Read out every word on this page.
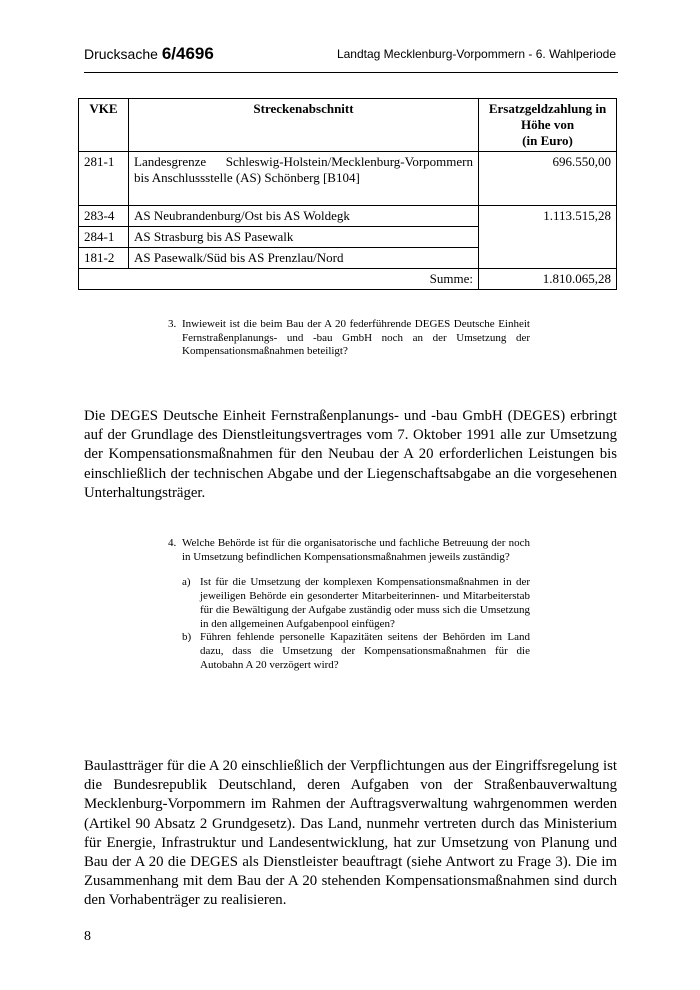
Drucksache 6/4696	Landtag Mecklenburg-Vorpommern - 6. Wahlperiode
VKE	Streckenabschnitt	Ersatzgeldzahlung in
Höhe von
(in Euro)
281-1	Landesgrenze Schleswig-Holstein/Mecklenburg-Vorpommern bis Anschlussstelle (AS) Schönberg [B104]	696.550,00
283-4	AS Neubrandenburg/Ost bis AS Woldegk	1.113.515,28
284-1	AS Strasburg bis AS Pasewalk	
181-2	AS Pasewalk/Süd bis AS Prenzlau/Nord	
Summe:		1.810.065,28
3. Inwieweit ist die beim Bau der A 20 federführende DEGES Deutsche Einheit Fernstraßenplanungs- und -bau GmbH noch an der Umsetzung der Kompensationsmaßnahmen beteiligt?
Die DEGES Deutsche Einheit Fernstraßenplanungs- und -bau GmbH (DEGES) erbringt auf der Grundlage des Dienstleitungsvertrages vom 7. Oktober 1991 alle zur Umsetzung der Kompensationsmaßnahmen für den Neubau der A 20 erforderlichen Leistungen bis einschließlich der technischen Abgabe und der Liegenschaftsabgabe an die vorgesehenen Unterhaltungsträger.
4. Welche Behörde ist für die organisatorische und fachliche Betreuung der noch in Umsetzung befindlichen Kompensationsmaßnahmen jeweils zuständig?
a) Ist für die Umsetzung der komplexen Kompensationsmaßnahmen in der jeweiligen Behörde ein gesonderter Mitarbeiterinnen- und Mitarbeiterstab für die Bewältigung der Aufgabe zuständig oder muss sich die Umsetzung in den allgemeinen Aufgabenpool einfügen?
b) Führen fehlende personelle Kapazitäten seitens der Behörden im Land dazu, dass die Umsetzung der Kompensationsmaßnahmen für die Autobahn A 20 verzögert wird?
Baulastträger für die A 20 einschließlich der Verpflichtungen aus der Eingriffsregelung ist die Bundesrepublik Deutschland, deren Aufgaben von der Straßenbauverwaltung Mecklenburg-Vorpommern im Rahmen der Auftragsverwaltung wahrgenommen werden (Artikel 90 Absatz 2 Grundgesetz). Das Land, nunmehr vertreten durch das Ministerium für Energie, Infrastruktur und Landesentwicklung, hat zur Umsetzung von Planung und Bau der A 20 die DEGES als Dienstleister beauftragt (siehe Antwort zu Frage 3). Die im Zusammenhang mit dem Bau der A 20 stehenden Kompensationsmaßnahmen sind durch den Vorhabenträger zu realisieren.
8
